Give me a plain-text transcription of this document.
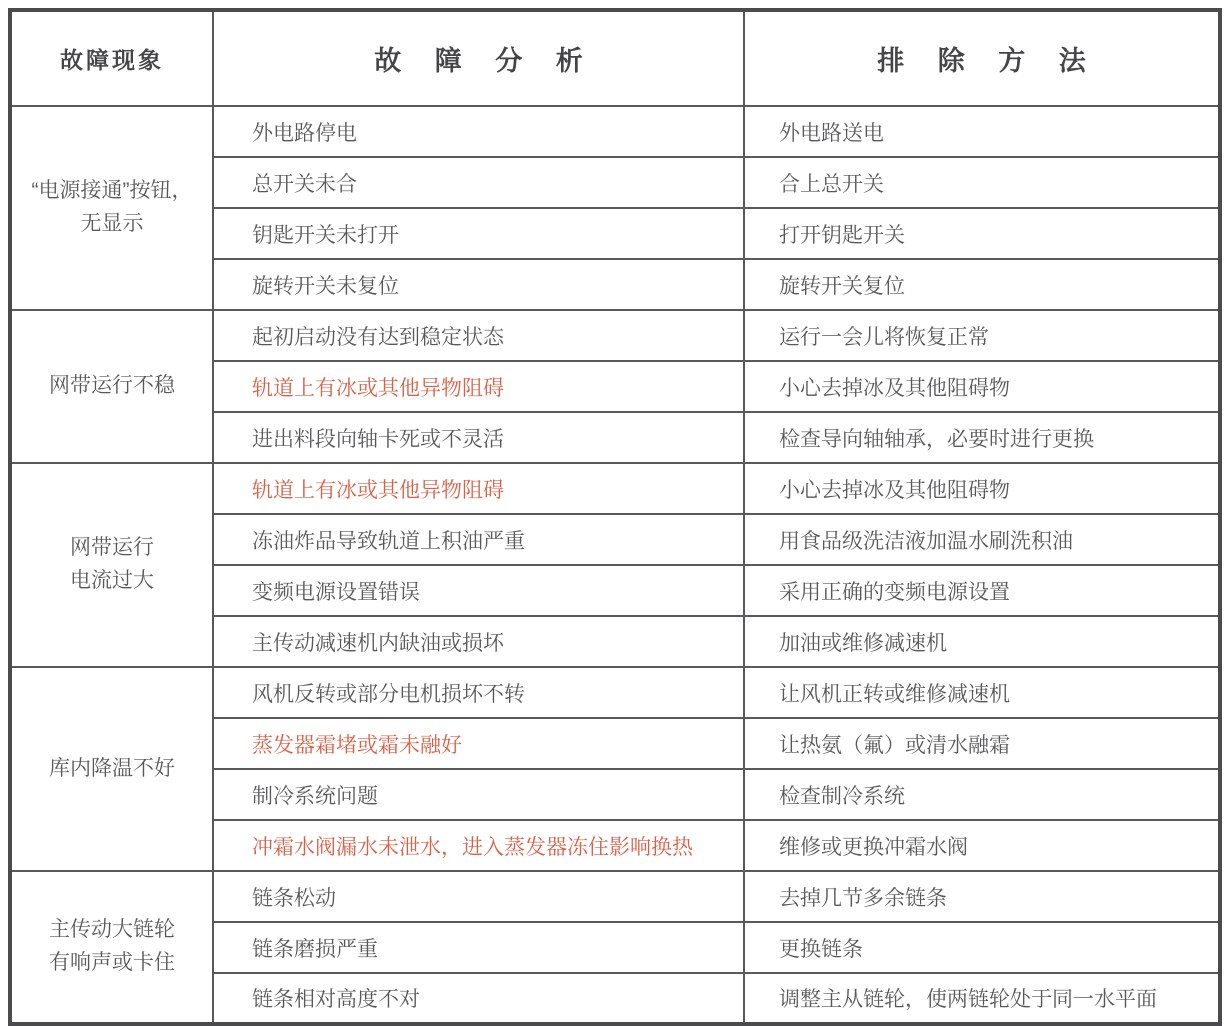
故障现象	故 障 分 析	排 除 方 法

“电源接通”按钮，
无显示	外电路停电	外电路送电
	总开关未合	合上总开关
	钥匙开关未打开	打开钥匙开关
	旋转开关未复位	旋转开关复位

网带运行不稳	起初启动没有达到稳定状态	运行一会儿将恢复正常
	轨道上有冰或其他异物阻碍	小心去掉冰及其他阻碍物
	进出料段向轴卡死或不灵活	检查导向轴轴承，必要时进行更换

网带运行
电流过大	轨道上有冰或其他异物阻碍	小心去掉冰及其他阻碍物
	冻油炸品导致轨道上积油严重	用食品级洗洁液加温水刷洗积油
	变频电源设置错误	采用正确的变频电源设置
	主传动减速机内缺油或损坏	加油或维修减速机

库内降温不好	风机反转或部分电机损坏不转	让风机正转或维修减速机
	蒸发器霜堵或霜未融好	让热氨（氟）或清水融霜
	制冷系统问题	检查制冷系统
	冲霜水阀漏水未泄水，进入蒸发器冻住影响换热	维修或更换冲霜水阀

主传动大链轮
有响声或卡住	链条松动	去掉几节多余链条
	链条磨损严重	更换链条
	链条相对高度不对	调整主从链轮，使两链轮处于同一水平面
